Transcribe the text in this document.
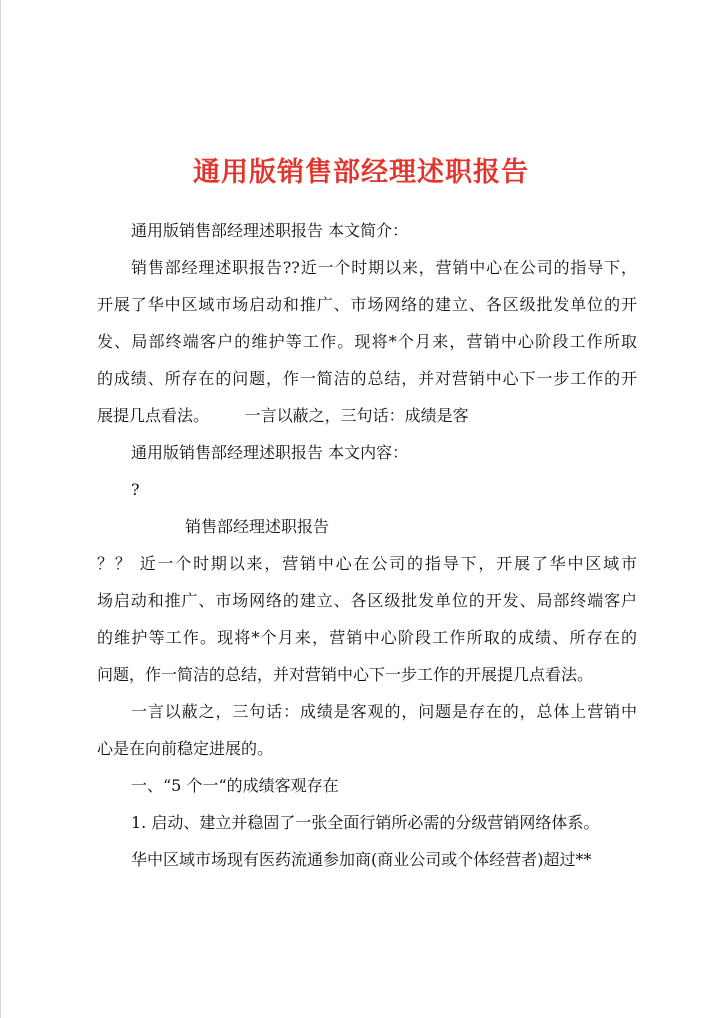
通用版销售部经理述职报告
通用版销售部经理述职报告 本文简介：
销售部经理述职报告??近一个时期以来，营销中心在公司的指导下，
开展了华中区域市场启动和推广、市场网络的建立、各区级批发单位的开
发、局部终端客户的维护等工作。现将*个月来，营销中心阶段工作所取
的成绩、所存在的问题，作一简洁的总结，并对营销中心下一步工作的开
展提几点看法。       一言以蔽之，三句话：成绩是客
通用版销售部经理述职报告 本文内容：
?
销售部经理述职报告
？？ 近一个时期以来，营销中心在公司的指导下，开展了华中区域市
场启动和推广、市场网络的建立、各区级批发单位的开发、局部终端客户
的维护等工作。现将*个月来，营销中心阶段工作所取的成绩、所存在的
问题，作一简洁的总结，并对营销中心下一步工作的开展提几点看法。
一言以蔽之，三句话：成绩是客观的，问题是存在的，总体上营销中
心是在向前稳定进展的。
一、“5 个一“的成绩客观存在
1. 启动、建立并稳固了一张全面行销所必需的分级营销网络体系。
华中区域市场现有医药流通参加商(商业公司或个体经营者)超过**
